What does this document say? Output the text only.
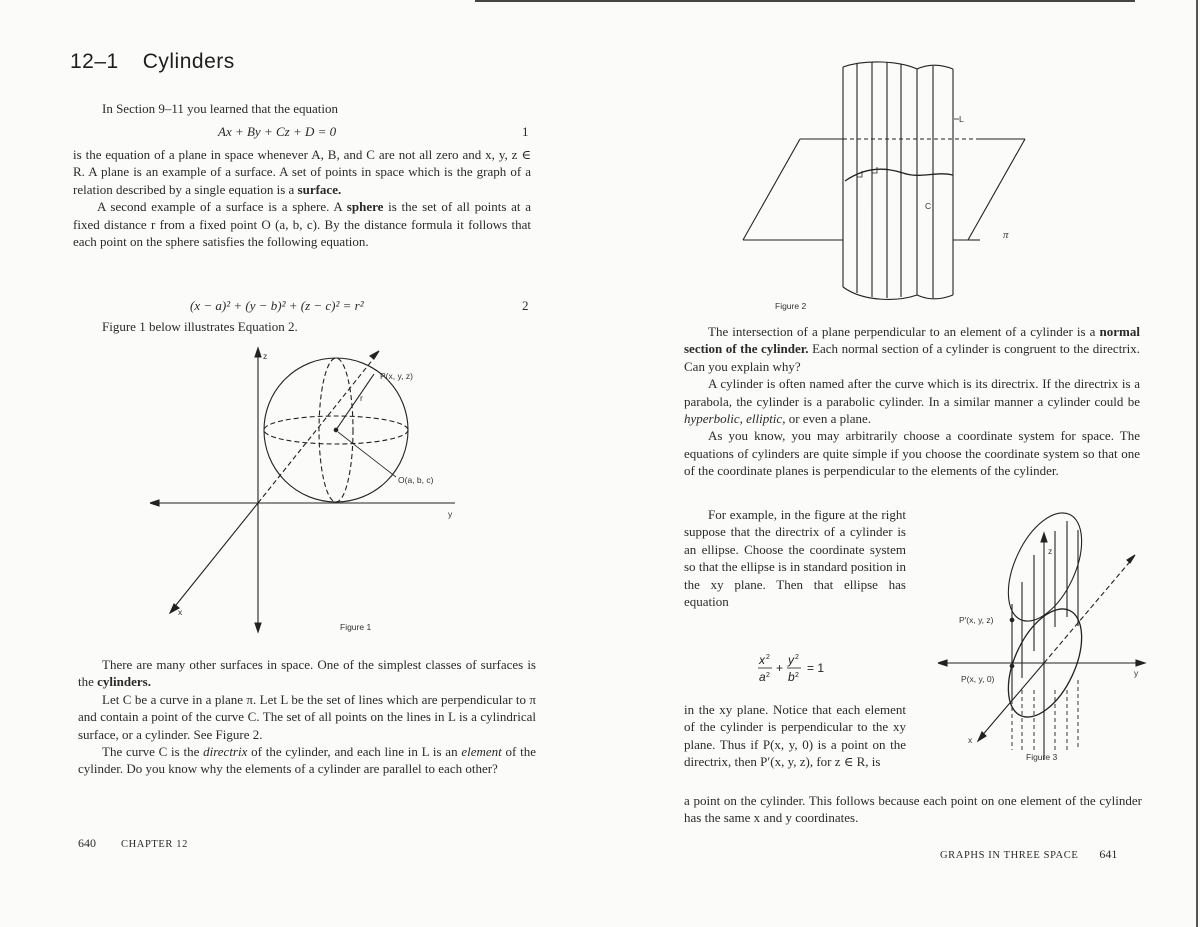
12–1 Cylinders

In Section 9–11 you learned that the equation

Ax + By + Cz + D = 0	1

is the equation of a plane in space whenever A, B, and C are not all zero and x, y, z ∈ R. A plane is an example of a surface. A set of points in space which is the graph of a relation described by a single equation is a surface.

A second example of a surface is a sphere. A sphere is the set of all points at a fixed distance r from a fixed point O (a, b, c). By the distance formula it follows that each point on the sphere satisfies the following equation.

(x − a)² + (y − b)² + (z − c)² = r²	2

Figure 1 below illustrates Equation 2.

z
y
x
r
P(x, y, z)
O(a, b, c)
Figure 1

There are many other surfaces in space. One of the simplest classes of surfaces is the cylinders.

Let C be a curve in a plane π. Let L be the set of lines which are perpendicular to π and contain a point of the curve C. The set of all points on the lines in L is a cylindrical surface, or a cylinder. See Figure 2.

The curve C is the directrix of the cylinder, and each line in L is an element of the cylinder. Do you know why the elements of a cylinder are parallel to each other?

640 CHAPTER 12
L
C
π
Figure 2

The intersection of a plane perpendicular to an element of a cylinder is a normal section of the cylinder. Each normal section of a cylinder is congruent to the directrix. Can you explain why?

A cylinder is often named after the curve which is its directrix. If the directrix is a parabola, the cylinder is a parabolic cylinder. In a similar manner a cylinder could be hyperbolic, elliptic, or even a plane.

As you know, you may arbitrarily choose a coordinate system for space. The equations of cylinders are quite simple if you choose the coordinate system so that one of the coordinate planes is perpendicular to the elements of the cylinder.

For example, in the figure at the right suppose that the directrix of a cylinder is an ellipse. Choose the coordinate system so that the ellipse is in standard position in the xy plane. Then that ellipse has equation

x 2
a 2
+
y 2
b 2
= 1

in the xy plane. Notice that each element of the cylinder is perpendicular to the xy plane. Thus if P(x, y, 0) is a point on the directrix, then P′(x, y, z), for z ∈ R, is

a point on the cylinder. This follows because each point on one element of the cylinder has the same x and y coordinates.

z
y
x
P′(x, y, z)
P(x, y, 0)
Figure 3
GRAPHS IN THREE SPACE 641
